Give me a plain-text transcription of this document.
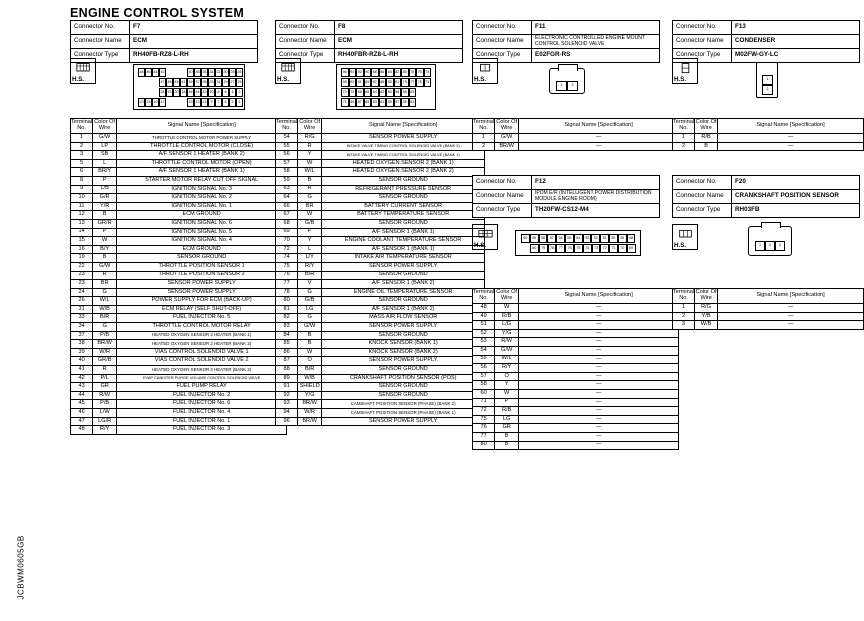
ENGINE CONTROL SYSTEM
JCBWM0605GB
Connector No.	F7
Connector Name	ECM
Connector Type	RH40FB-RZ8-L-RH
H.S.
48 46 44 42	40 38 36 34 32 30 28 26
47 45 43 41 39 37 35 33 31 29 27 25
24 22 20 18 16 14 12 10	8	6	4	2
23 21 19 17	15 13 11	9	7	5	3	1
Terminal
No.	Color Of
Wire	Signal Name [Specification]
1	G/W	THROTTLE CONTROL MOTOR POWER SUPPLY
2	LP	THROTTLE CONTROL MOTOR (CLOSE)
3	SB	A/F SENSOR 1 HEATER (BANK 2)
5	L	THROTTLE CONTROL MOTOR (OPEN)
6	BR/Y	A/F SENSOR 1 HEATER (BANK 1)
8	P	STARTER MOTOR RELAY CUT OFF SIGNAL
9	L/B	IGNITION SIGNAL No. 3
10	G/R	IGNITION SIGNAL No. 2
11	Y/R	IGNITION SIGNAL No. 1
12	B	ECM GROUND
13	GR/R	IGNITION SIGNAL No. 6
14	P	IGNITION SIGNAL No. 5
15	W	IGNITION SIGNAL No. 4
16	B/Y	ECM GROUND
19	B	SENSOR GROUND
22	G/W	THROTTLE POSITION SENSOR 1
23	R	THROTTLE POSITION SENSOR 2
23	BR	SENSOR POWER SUPPLY
24	G	SENSOR POWER SUPPLY
26	W/L	POWER SUPPLY FOR ECM (BACK-UP)
31	W/B	ECM RELAY (SELF SHUT-OFF)
33	B/R	FUEL INJECTOR No. 5
34	G	THROTTLE CONTROL MOTOR RELAY
37	P/B	HEATED OXYGEN SENSOR 2 HEATER (BANK 1)
38	BR/W	HEATED OXYGEN SENSOR 2 HEATER (BANK 2)
39	W/R	VIAS CONTROL SOLENOID VALVE 1
40	GR/B	VIAS CONTROL SOLENOID VALVE 2
41	R	HEATED OXYGEN SENSOR 2 HEATER (BANK 2)
42	P/L	EVAP CANISTER PURGE VOLUME CONTROL SOLENOID VALVE
43	GR	FUEL PUMP RELAY
44	R/W	FUEL INJECTOR No. 2
45	P/B	FUEL INJECTOR No. 6
46	L/W	FUEL INJECTOR No. 4
47	LG/R	FUEL INJECTOR No. 1
48	R/Y	FUEL INJECTOR No. 3
Connector No.	F8
Connector Name	ECM
Connector Type	RH40FBR-RZ8-L-RH
H.S.
96 94 92 90 88 86 84 82 80 78 76 74
95 93 91 89 87 85 83 81 79 77 75 73
72 70 68 66 64 62 60 58 56 54
71 69 67 65 63 61 59 57 55 53
Terminal
No.	Color Of
Wire	Signal Name [Specification]
54	R/G	SENSOR POWER SUPPLY
55	R	INTAKE VALVE TIMING CONTROL SOLENOID VALVE (BANK 2)
56	Y	INTAKE VALVE TIMING CONTROL SOLENOID VALVE (BANK 1)
57	W	HEATED OXYGEN SENSOR 2 (BANK 1)
58	W/L	HEATED OXYGEN SENSOR 2 (BANK 2)
59	B	SENSOR GROUND
63	R	REFRIGERANT PRESSURE SENSOR
64	G	SENSOR GROUND
66	BR	BATTERY CURRENT SENSOR
67	W	BATTERY TEMPERATURE SENSOR
68	G/B	SENSOR GROUND
69	P	A/F SENSOR 1 (BANK 1)
70	Y	ENGINE COOLANT TEMPERATURE SENSOR
72	L	A/F SENSOR 1 (BANK 1)
74	L/Y	INTAKE AIR TEMPERATURE SENSOR
75	R/Y	SENSOR POWER SUPPLY
76	B/R	SENSOR GROUND
77	V	A/F SENSOR 1 (BANK 2)
78	G	ENGINE OIL TEMPERATURE SENSOR
80	G/B	SENSOR GROUND
81	LG	A/F SENSOR 1 (BANK 2)
82	G	MASS AIR FLOW SENSOR
83	G/W	SENSOR POWER SUPPLY
84	B	SENSOR GROUND
85	B	KNOCK SENSOR (BANK 1)
86	W	KNOCK SENSOR (BANK 2)
87	O	SENSOR POWER SUPPLY
88	B/R	SENSOR GROUND
89	W/B	CRANKSHAFT POSITION SENSOR (POS)
91	SHIELD	SENSOR GROUND
92	Y/G	SENSOR GROUND
93	BR/W	CAMSHAFT POSITION SENSOR (PHASE) (BANK 2)
94	W/R	CAMSHAFT POSITION SENSOR (PHASE) (BANK 1)
96	BR/W	SENSOR POWER SUPPLY
Connector No.	F11
Connector Name	ELECTRONIC CONTROLLED ENGINE MOUNT CONTROL SOLENOID VALVE
Connector Type	E02FGR-RS
H.S.
1	2
Terminal
No.	Color Of
Wire	Signal Name [Specification]
1	G/W	—
2	BR/W	—
Connector No.	F12
Connector Name	IPDM E/R (INTELLIGENT POWER DISTRIBUTION MODULE ENGINE ROOM)
Connector Type	TH20FW-CS12-M4
H.S.
60	59	58	57	56	55	54	53	52	51	50	49	48
80	79	78	77	76	75	74	73	72	71	70	69
Terminal
No.	Color Of
Wire	Signal Name [Specification]
48	W	—
49	R/B	—
51	L/G	—
52	Y/G	—
53	R/W	—
54	G/W	—
55	W/L	—
56	R/Y	—
57	O	—
58	Y	—
60	W	—
71	P	—
72	R/B	—
75	LG	—
76	GR	—
77	B	—
80	B	—
Connector No.	F13
Connector Name	CONDENSER
Connector Type	M02FW-GY-LC
H.S.	1
2
Terminal
No.	Color Of
Wire	Signal Name [Specification]
1	R/B	—
2	B	—
Connector No.	F20
Connector Name	CRANKSHAFT POSITION SENSOR
Connector Type	RH03FB
H.S.	1	2	3
Terminal
No.	Color Of
Wire	Signal Name [Specification]
1	R/G	—
2	Y/B	—
3	W/B	—
